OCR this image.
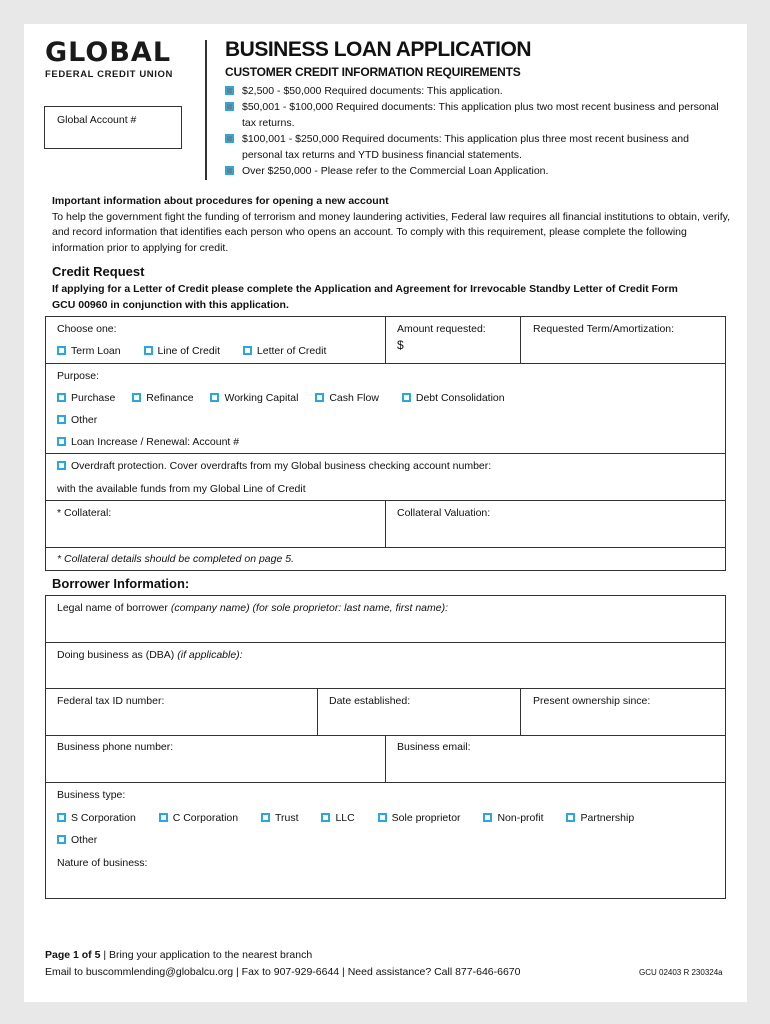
GLOBAL
FEDERAL CREDIT UNION
Global Account #
BUSINESS LOAN APPLICATION
CUSTOMER CREDIT INFORMATION REQUIREMENTS
$2,500 - $50,000 Required documents: This application.
$50,001 - $100,000 Required documents: This application plus two most recent business and personal tax returns.
$100,001 - $250,000 Required documents: This application plus three most recent business and personal tax returns and YTD business financial statements.
Over $250,000 - Please refer to the Commercial Loan Application.
Important information about procedures for opening a new account
To help the government fight the funding of terrorism and money laundering activities, Federal law requires all financial institutions to obtain, verify, and record information that identifies each person who opens an account. To comply with this requirement, please complete the following information prior to applying for credit.
Credit Request
If applying for a Letter of Credit please complete the Application and Agreement for Irrevocable Standby Letter of Credit Form GCU 00960 in conjunction with this application.
Choose one:
Term Loan	Line of Credit	Letter of Credit
Amount requested:
$
Requested Term/Amortization:
Purpose:
Purchase	Refinance	Working Capital	Cash Flow	Debt Consolidation
Other
Loan Increase / Renewal: Account #
Overdraft protection. Cover overdrafts from my Global business checking account number:
with the available funds from my Global Line of Credit
* Collateral:	Collateral Valuation:
* Collateral details should be completed on page 5.
Borrower Information:
Legal name of borrower (company name) (for sole proprietor: last name, first name):
Doing business as (DBA) (if applicable):
Federal tax ID number:	Date established:	Present ownership since:
Business phone number:	Business email:
Business type:
S Corporation	C Corporation	Trust	LLC	Sole proprietor	Non-profit	Partnership
Other
Nature of business:
Page 1 of 5 | Bring your application to the nearest branch
Email to buscommlending@globalcu.org | Fax to 907-929-6644 | Need assistance? Call 877-646-6670	GCU 02403 R 230324a
